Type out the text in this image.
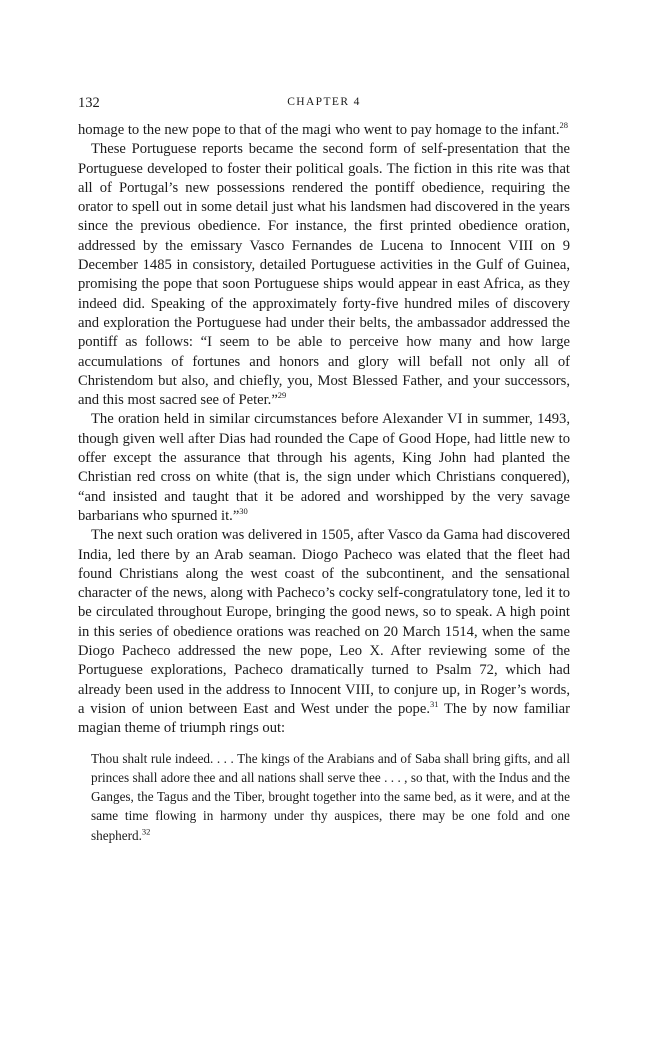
132	CHAPTER 4

homage to the new pope to that of the magi who went to pay homage to the infant.$^{28}$

These Portuguese reports became the second form of self-presentation that the Portuguese developed to foster their political goals. The fiction in this rite was that all of Portugal’s new possessions rendered the pontiff obedience, requiring the orator to spell out in some detail just what his landsmen had discovered in the years since the previous obedience. For instance, the first printed obedience oration, addressed by the emissary Vasco Fernandes de Lucena to Innocent VIII on 9 December 1485 in consistory, detailed Portuguese activities in the Gulf of Guinea, promising the pope that soon Portuguese ships would appear in east Africa, as they indeed did. Speaking of the approximately forty-five hundred miles of discovery and exploration the Portuguese had under their belts, the ambassador addressed the pontiff as follows: “I seem to be able to perceive how many and how large accumulations of fortunes and honors and glory will befall not only all of Christendom but also, and chiefly, you, Most Blessed Father, and your successors, and this most sacred see of Peter.”$^{29}$

The oration held in similar circumstances before Alexander VI in summer, 1493, though given well after Dias had rounded the Cape of Good Hope, had little new to offer except the assurance that through his agents, King John had planted the Christian red cross on white (that is, the sign under which Christians conquered), “and insisted and taught that it be adored and worshipped by the very savage barbarians who spurned it.”$^{30}$

The next such oration was delivered in 1505, after Vasco da Gama had discovered India, led there by an Arab seaman. Diogo Pacheco was elated that the fleet had found Christians along the west coast of the subcontinent, and the sensational character of the news, along with Pacheco’s cocky self-congratulatory tone, led it to be circulated throughout Europe, bringing the good news, so to speak. A high point in this series of obedience orations was reached on 20 March 1514, when the same Diogo Pacheco addressed the new pope, Leo X. After reviewing some of the Portuguese explorations, Pacheco dramatically turned to Psalm 72, which had already been used in the address to Innocent VIII, to conjure up, in Roger’s words, a vision of union between East and West under the pope.$^{31}$ The by now familiar magian theme of triumph rings out:

Thou shalt rule indeed. . . . The kings of the Arabians and of Saba shall bring gifts, and all princes shall adore thee and all nations shall serve thee . . . , so that, with the Indus and the Ganges, the Tagus and the Tiber, brought together into the same bed, as it were, and at the same time flowing in harmony under thy auspices, there may be one fold and one shepherd.$^{32}$
